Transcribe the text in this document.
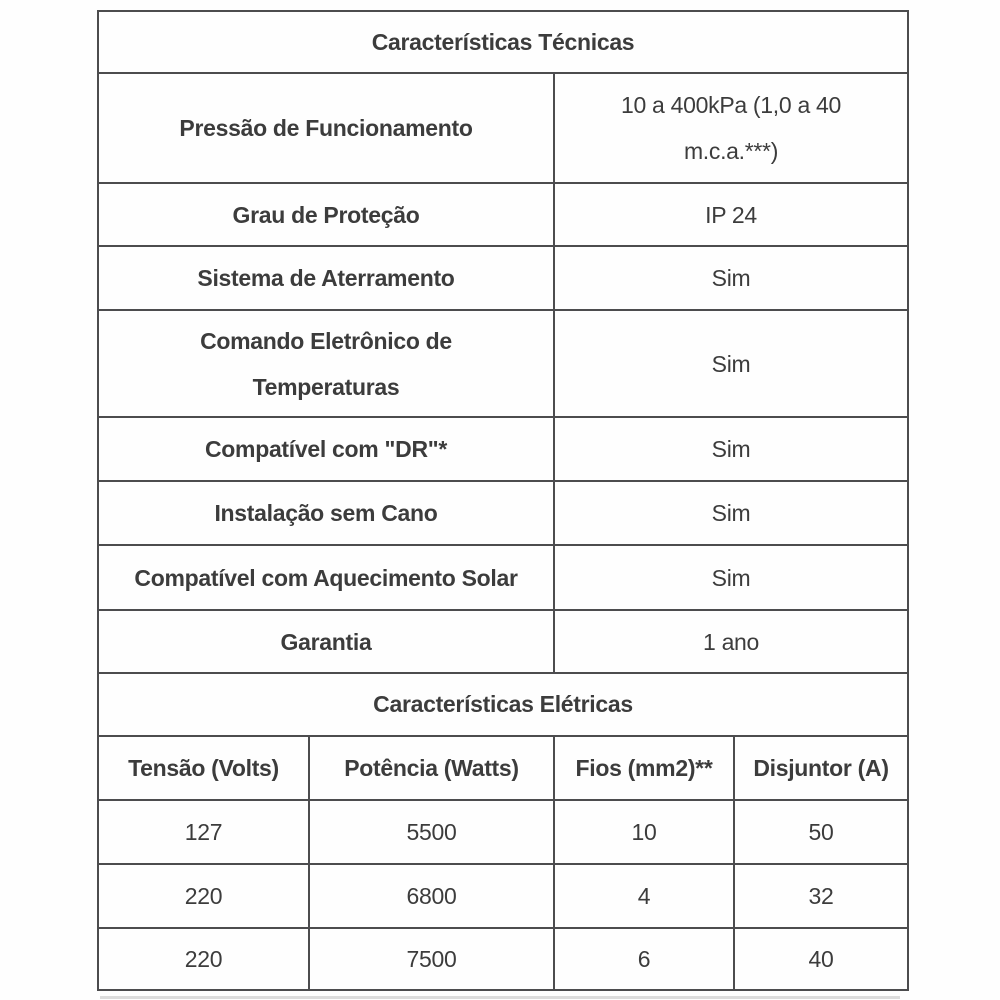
Características Técnicas			
Pressão de Funcionamento		10 a 400kPa (1,0 a 40 m.c.a.***)	
Grau de Proteção		IP 24	
Sistema de Aterramento		Sim	
Comando Eletrônico de Temperaturas		Sim	
Compatível com "DR"*		Sim	
Instalação sem Cano		Sim	
Compatível com Aquecimento Solar		Sim	
Garantia		1 ano	
Características Elétricas			
Tensão (Volts)	Potência (Watts)	Fios (mm2)**	Disjuntor (A)
127	5500	10	50
220	6800	4	32
220	7500	6	40
